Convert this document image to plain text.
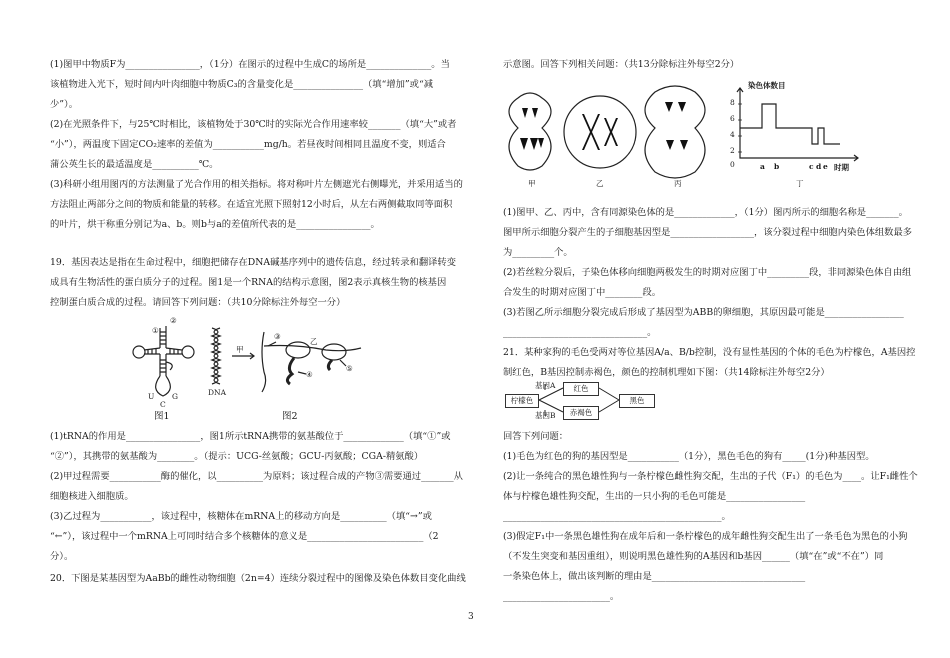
(1)图甲中物质F为________________，（1分）在图示的过程中生成C的场所是______________。当
该植物进入光下，短时间内叶肉细胞中物质C₃的含量变化是_______________（填“增加”或“减
少”）。
(2)在光照条件下，与25℃时相比，该植物处于30℃时的实际光合作用速率较_______（填“大”或者
“小”），两温度下固定CO₂速率的差值为___________mg/h。若昼夜时间相同且温度不变，则适合
蒲公英生长的最适温度是__________℃。
(3)科研小组用图丙的方法测量了光合作用的相关指标。将对称叶片左侧遮光右侧曝光，并采用适当的
方法阻止两部分之间的物质和能量的转移。在适宜光照下照射12小时后，从左右两侧截取同等面积
的叶片，烘干称重分别记为a、b。则b与a的差值所代表的是________________。
19．基因表达是指在生命过程中，细胞把储存在DNA碱基序列中的遗传信息，经过转录和翻译转变
成具有生物活性的蛋白质分子的过程。图1是一个RNA的结构示意图，图2表示真核生物的核基因
控制蛋白质合成的过程。请回答下列问题：（共10分除标注外每空一分）
(1)tRNA的作用是________________，图1所示tRNA携带的氨基酸位于_____________（填“①”或
“②”），其携带的氨基酸为________。（提示：UCG-丝氨酸；GCU-丙氨酸；CGA-精氨酸）
(2)甲过程需要___________酶的催化，以__________为原料；该过程合成的产物③需要通过_______从
细胞核进入细胞质。
(3)乙过程为___________，该过程中，核糖体在mRNA上的移动方向是__________（填“→”或
“←”），该过程中一个mRNA上可同时结合多个核糖体的意义是_________________________（2
分）。
20．下图是某基因型为AaBb的雌性动物细胞（2n=4）连续分裂过程中的图像及染色体数目变化曲线
①
②
U
C
G
图1
DNA
甲
乙
③
④
⑤
图2
示意图。回答下列相关问题：（共13分除标注外每空2分）
甲	乙	丙	丁
染色体数目
8
6
4
2
0	a b	c d e 时期
(1)图甲、乙、丙中，含有同源染色体的是_____________，（1分）图丙所示的细胞名称是_______。
图甲所示细胞分裂产生的子细胞基因型是__________________，该分裂过程中细胞内染色体组数最多
为_________个。
(2)若丝粒分裂后，子染色体移向细胞两极发生的时期对应图丁中_________段，非同源染色体自由组
合发生的时期对应图丁中________段。
(3)若图乙所示细胞分裂完成后形成了基因型为ABB的卵细胞，其原因最可能是_________________
_______________________________。
21．某种家狗的毛色受两对等位基因A/a、B/b控制，没有显性基因的个体的毛色为柠檬色，A基因控
制红色，B基因控制赤褐色，颜色的控制机理如下图：（共14除标注外每空2分）
基因A
基因B
柠檬色
红色
赤褐色
黑色
回答下列问题：
(1)毛色为红色的狗的基因型是___________（1分），黑色毛色的狗有_____(1分)种基因型。
(2)让一条纯合的黑色雄性狗与一条柠檬色雌性狗交配，生出的子代（F₁）的毛色为____。让F₁雌性个
体与柠檬色雄性狗交配，生出的一只小狗的毛色可能是_________________
_______________________________________________。
(3)假定F₁中一条黑色雄性狗在成年后和一条柠檬色的成年雌性狗交配生出了一条毛色为黑色的小狗
（不发生突变和基因重组），则说明黑色雄性狗的A基因和b基因______（填“在”或“不在”）同
一条染色体上，做出该判断的理由是_________________________________
_______________________。
3
